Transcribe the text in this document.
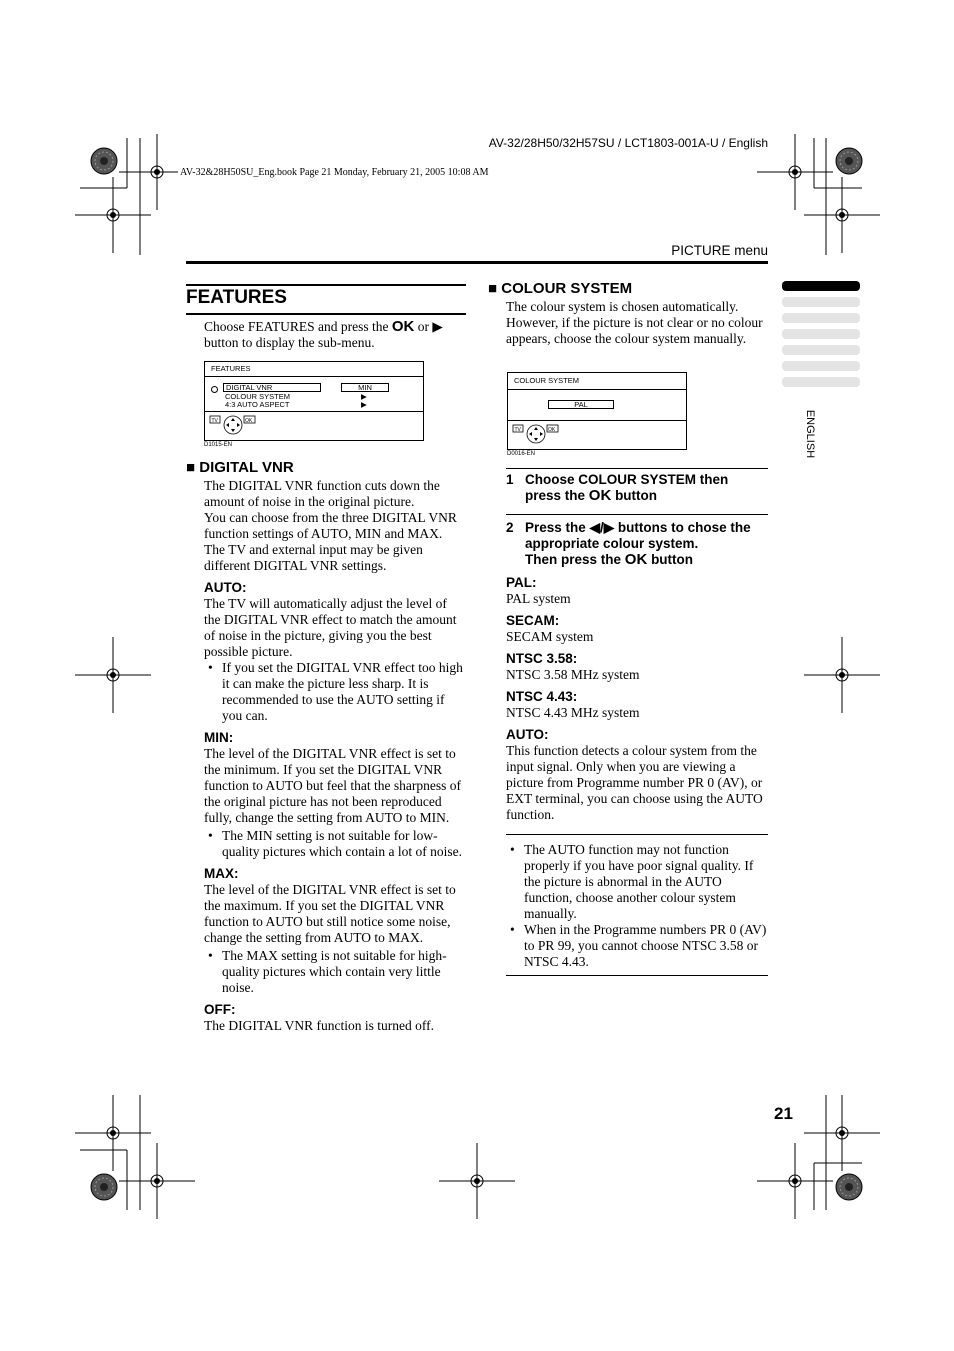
AV-32/28H50/32H57SU / LCT1803-001A-U / English
AV-32&28H50SU_Eng.book Page 21 Monday, February 21, 2005 10:08 AM
PICTURE menu
ENGLISH
FEATURES
Choose FEATURES and press the OK or ▶ button to display the sub-menu.
FEATURES
DIGITAL VNR	MIN
COLOUR SYSTEM	▶
4:3 AUTO ASPECT	▶
TV	OK
D1015-EN
■ DIGITAL VNR
The DIGITAL VNR function cuts down the amount of noise in the original picture.
You can choose from the three DIGITAL VNR function settings of AUTO, MIN and MAX.
The TV and external input may be given different DIGITAL VNR settings.
AUTO:
The TV will automatically adjust the level of the DIGITAL VNR effect to match the amount of noise in the picture, giving you the best possible picture.
• If you set the DIGITAL VNR effect too high it can make the picture less sharp. It is recommended to use the AUTO setting if you can.
MIN:
The level of the DIGITAL VNR effect is set to the minimum. If you set the DIGITAL VNR function to AUTO but feel that the sharpness of the original picture has not been reproduced fully, change the setting from AUTO to MIN.
• The MIN setting is not suitable for low-quality pictures which contain a lot of noise.
MAX:
The level of the DIGITAL VNR effect is set to the maximum. If you set the DIGITAL VNR function to AUTO but still notice some noise, change the setting from AUTO to MAX.
• The MAX setting is not suitable for high-quality pictures which contain very little noise.
OFF:
The DIGITAL VNR function is turned off.
■ COLOUR SYSTEM
The colour system is chosen automatically. However, if the picture is not clear or no colour appears, choose the colour system manually.
COLOUR SYSTEM
PAL
TV	OK
D0016-EN
1 Choose COLOUR SYSTEM then press the OK button
2 Press the ◀/▶ buttons to chose the appropriate colour system.
Then press the OK button
PAL:
PAL system
SECAM:
SECAM system
NTSC 3.58:
NTSC 3.58 MHz system
NTSC 4.43:
NTSC 4.43 MHz system
AUTO:
This function detects a colour system from the input signal. Only when you are viewing a picture from Programme number PR 0 (AV), or EXT terminal, you can choose using the AUTO function.
• The AUTO function may not function properly if you have poor signal quality. If the picture is abnormal in the AUTO function, choose another colour system manually.
• When in the Programme numbers PR 0 (AV) to PR 99, you cannot choose NTSC 3.58 or NTSC 4.43.
21
